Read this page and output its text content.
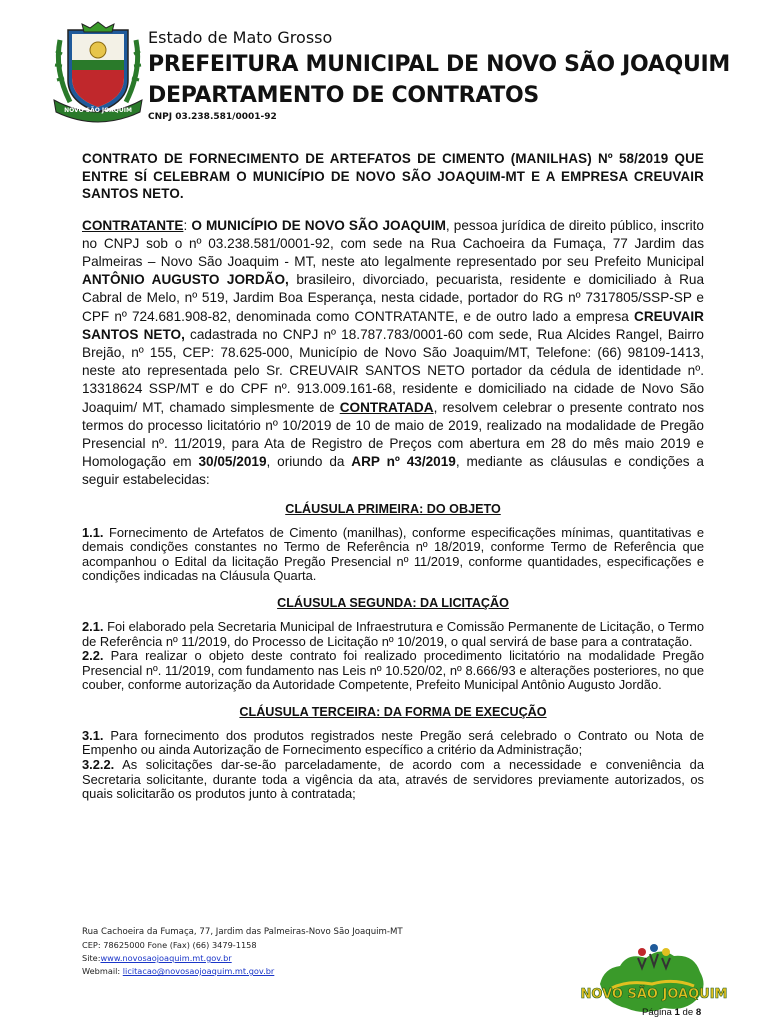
NOVO SÃO JOAQUIM
Estado de Mato Grosso
PREFEITURA MUNICIPAL DE NOVO SÃO JOAQUIM
DEPARTAMENTO DE CONTRATOS
CNPJ 03.238.581/0001-92

CONTRATO DE FORNECIMENTO DE ARTEFATOS DE CIMENTO (MANILHAS) Nº 58/2019 QUE ENTRE SÍ CELEBRAM O MUNICÍPIO DE NOVO SÃO JOAQUIM-MT E A EMPRESA CREUVAIR SANTOS NETO.

CONTRATANTE: O MUNICÍPIO DE NOVO SÃO JOAQUIM, pessoa jurídica de direito público, inscrito no CNPJ sob o nº 03.238.581/0001-92, com sede na Rua Cachoeira da Fumaça, 77 Jardim das Palmeiras – Novo São Joaquim - MT, neste ato legalmente representado por seu Prefeito Municipal ANTÔNIO AUGUSTO JORDÃO, brasileiro, divorciado, pecuarista, residente e domiciliado à Rua Cabral de Melo, nº 519, Jardim Boa Esperança, nesta cidade, portador do RG nº 7317805/SSP-SP e CPF nº 724.681.908-82, denominada como CONTRATANTE, e de outro lado a empresa CREUVAIR SANTOS NETO, cadastrada no CNPJ nº 18.787.783/0001-60 com sede, Rua Alcides Rangel, Bairro Brejão, nº 155, CEP: 78.625-000, Município de Novo São Joaquim/MT, Telefone: (66) 98109-1413, neste ato representada pelo Sr. CREUVAIR SANTOS NETO portador da cédula de identidade nº. 13318624 SSP/MT e do CPF nº. 913.009.161-68, residente e domiciliado na cidade de Novo São Joaquim/ MT, chamado simplesmente de CONTRATADA, resolvem celebrar o presente contrato nos termos do processo licitatório nº 10/2019 de 10 de maio de 2019, realizado na modalidade de Pregão Presencial nº. 11/2019, para Ata de Registro de Preços com abertura em 28 do mês maio 2019 e Homologação em 30/05/2019, oriundo da ARP nº 43/2019, mediante as cláusulas e condições a seguir estabelecidas:

CLÁUSULA PRIMEIRA: DO OBJETO

1.1. Fornecimento de Artefatos de Cimento (manilhas), conforme especificações mínimas, quantitativas e demais condições constantes no Termo de Referência nº 18/2019, conforme Termo de Referência que acompanhou o Edital da licitação Pregão Presencial nº 11/2019, conforme quantidades, especificações e condições indicadas na Cláusula Quarta.

CLÁUSULA SEGUNDA: DA LICITAÇÃO

2.1. Foi elaborado pela Secretaria Municipal de Infraestrutura e Comissão Permanente de Licitação, o Termo de Referência nº 11/2019, do Processo de Licitação nº 10/2019, o qual servirá de base para a contratação.

2.2. Para realizar o objeto deste contrato foi realizado procedimento licitatório na modalidade Pregão Presencial nº. 11/2019, com fundamento nas Leis nº 10.520/02, nº 8.666/93 e alterações posteriores, no que couber, conforme autorização da Autoridade Competente, Prefeito Municipal Antônio Augusto Jordão.

CLÁUSULA TERCEIRA: DA FORMA DE EXECUÇÃO

3.1. Para fornecimento dos produtos registrados neste Pregão será celebrado o Contrato ou Nota de Empenho ou ainda Autorização de Fornecimento específico a critério da Administração;

3.2.2. As solicitações dar-se-ão parceladamente, de acordo com a necessidade e conveniência da Secretaria solicitante, durante toda a vigência da ata, através de servidores previamente autorizados, os quais solicitarão os produtos junto à contratada;

Rua Cachoeira da Fumaça, 77, Jardim das Palmeiras-Novo São Joaquim-MT
CEP: 78625000 Fone (Fax) (66) 3479-1158
Site:www.novosaojoaquim.mt.gov.br
Webmail: licitacao@novosaojoaquim.mt.gov.br
NOVO SÃO JOAQUIM
Página 1 de 8
